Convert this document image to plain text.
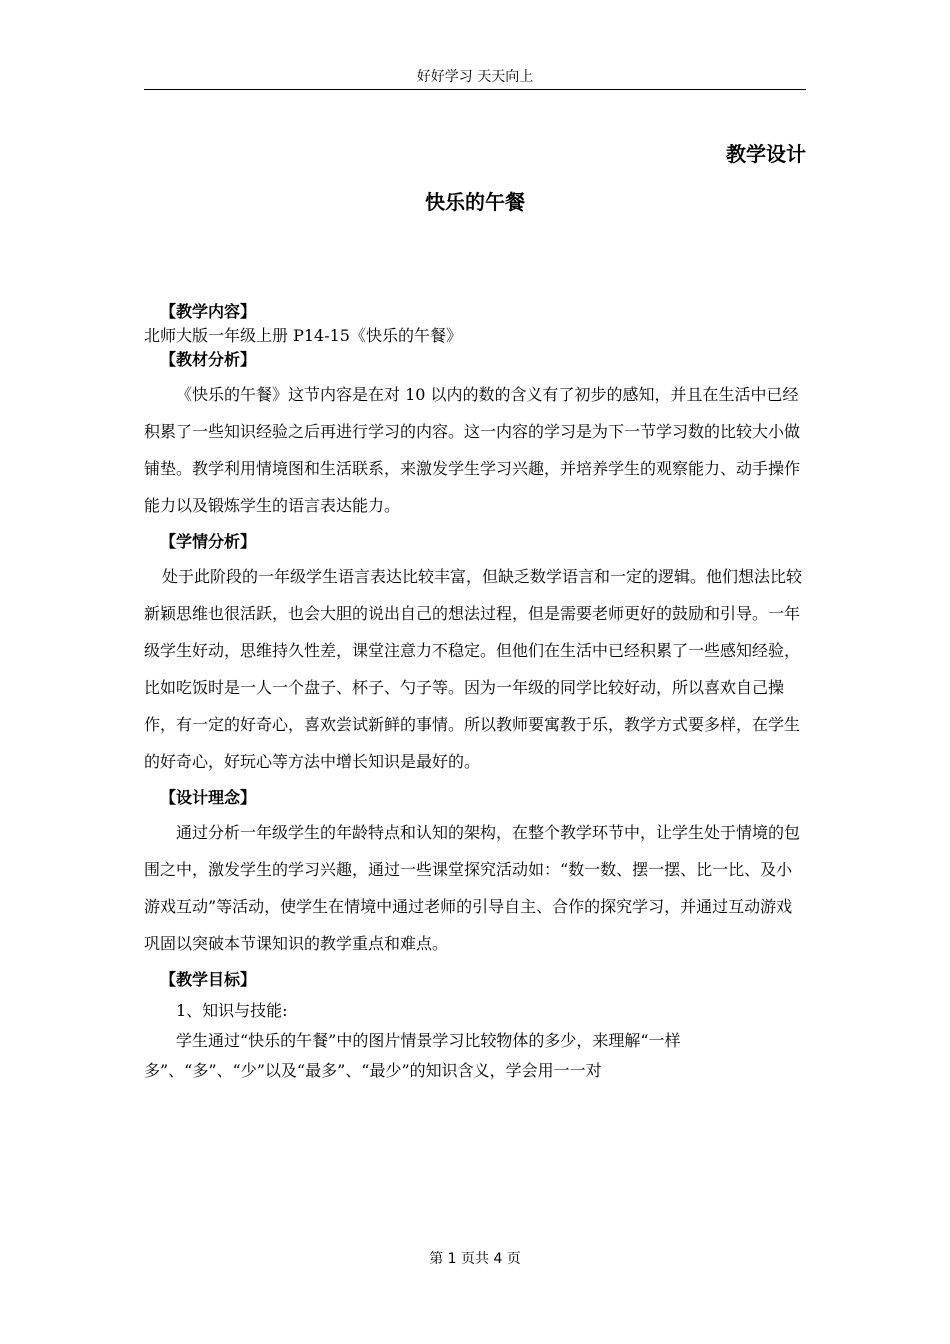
好好学习 天天向上
教学设计
快乐的午餐

【教学内容】

北师大版一年级上册 P14-15《快乐的午餐》

【教材分析】

《快乐的午餐》这节内容是在对 10 以内的数的含义有了初步的感知，并且在生活中已经积累了一些知识经验之后再进行学习的内容。这一内容的学习是为下一节学习数的比较大小做铺垫。教学利用情境图和生活联系，来激发学生学习兴趣，并培养学生的观察能力、动手操作能力以及锻炼学生的语言表达能力。

【学情分析】

处于此阶段的一年级学生语言表达比较丰富，但缺乏数学语言和一定的逻辑。他们想法比较新颖思维也很活跃，也会大胆的说出自己的想法过程，但是需要老师更好的鼓励和引导。一年级学生好动，思维持久性差，课堂注意力不稳定。但他们在生活中已经积累了一些感知经验，比如吃饭时是一人一个盘子、杯子、勺子等。因为一年级的同学比较好动，所以喜欢自己操作，有一定的好奇心，喜欢尝试新鲜的事情。所以教师要寓教于乐，教学方式要多样，在学生的好奇心，好玩心等方法中增长知识是最好的。

【设计理念】

通过分析一年级学生的年龄特点和认知的架构，在整个教学环节中，让学生处于情境的包围之中，激发学生的学习兴趣，通过一些课堂探究活动如：“数一数、摆一摆、比一比、及小游戏互动”等活动，使学生在情境中通过老师的引导自主、合作的探究学习，并通过互动游戏巩固以突破本节课知识的教学重点和难点。

【教学目标】

1、知识与技能:

学生通过“快乐的午餐”中的图片情景学习比较物体的多少，来理解“一样多”、“多”、“少”以及“最多”、“最少”的知识含义，学会用一一对

第 1 页共 4 页
